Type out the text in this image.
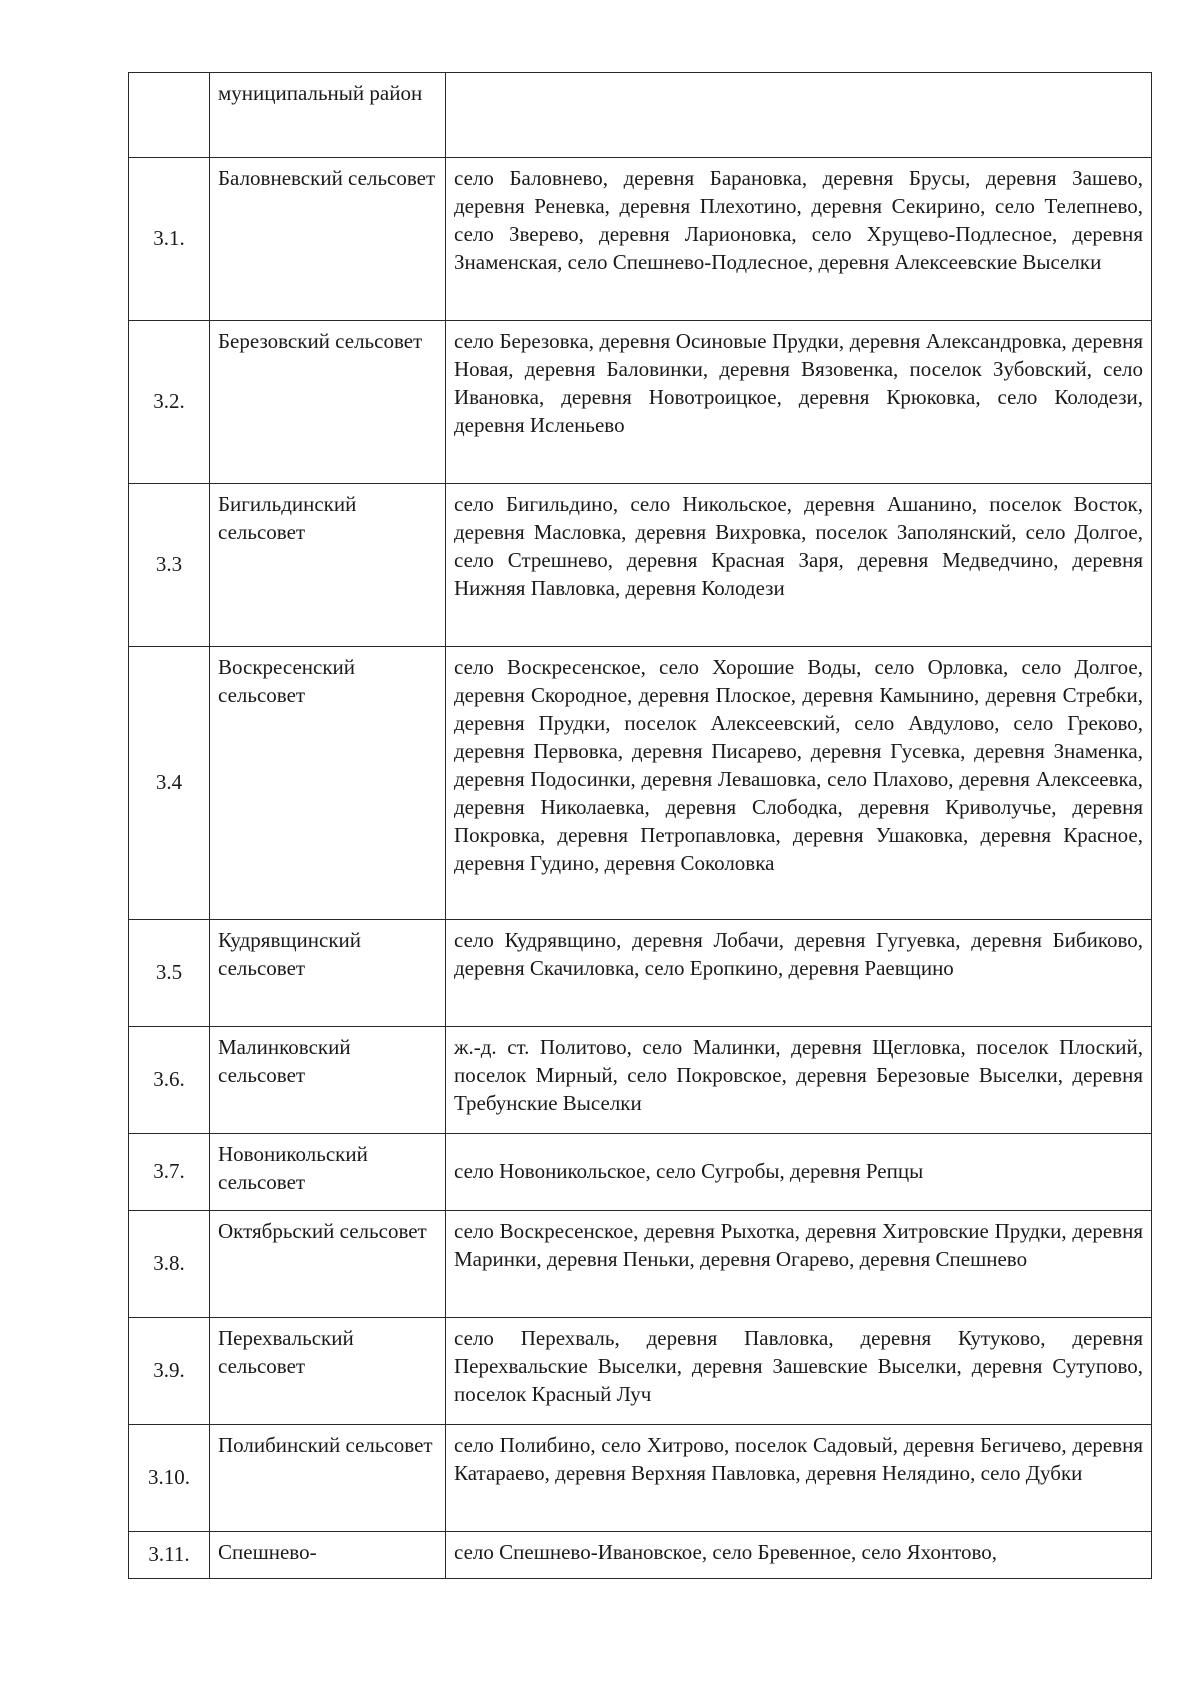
	муниципальный район	
3.1.	Баловневский сельсовет	село Баловнево, деревня Барановка, деревня Брусы, деревня Зашево, деревня Реневка, деревня Плехотино, деревня Секирино, село Телепнево, село Зверево, деревня Ларионовка, село Хрущево-Подлесное, деревня Знаменская, село Спешнево-Подлесное, деревня Алексеевские Выселки
3.2.	Березовский сельсовет	село Березовка, деревня Осиновые Прудки, деревня Александровка, деревня Новая, деревня Баловинки, деревня Вязовенка, поселок Зубовский, село Ивановка, деревня Новотроицкое, деревня Крюковка, село Колодези, деревня Исленьево
3.3	Бигильдинский сельсовет	село Бигильдино, село Никольское, деревня Ашанино, поселок Восток, деревня Масловка, деревня Вихровка, поселок Заполянский, село Долгое, село Стрешнево, деревня Красная Заря, деревня Медведчино, деревня Нижняя Павловка, деревня Колодези
3.4	Воскресенский сельсовет	село Воскресенское, село Хорошие Воды, село Орловка, село Долгое, деревня Скородное, деревня Плоское, деревня Камынино, деревня Стребки, деревня Прудки, поселок Алексеевский, село Авдулово, село Греково, деревня Первовка, деревня Писарево, деревня Гусевка, деревня Знаменка, деревня Подосинки, деревня Левашовка, село Плахово, деревня Алексеевка, деревня Николаевка, деревня Слободка, деревня Криволучье, деревня Покровка, деревня Петропавловка, деревня Ушаковка, деревня Красное, деревня Гудино, деревня Соколовка
3.5	Кудрявщинский сельсовет	село Кудрявщино, деревня Лобачи, деревня Гугуевка, деревня Бибиково, деревня Скачиловка, село Еропкино, деревня Раевщино
3.6.	Малинковский сельсовет	ж.-д. ст. Политово, село Малинки, деревня Щегловка, поселок Плоский, поселок Мирный, село Покровское, деревня Березовые Выселки, деревня Требунские Выселки
3.7.	Новоникольский сельсовет	село Новоникольское, село Сугробы, деревня Репцы
3.8.	Октябрьский сельсовет	село Воскресенское, деревня Рыхотка, деревня Хитровские Прудки, деревня Маринки, деревня Пеньки, деревня Огарево, деревня Спешнево
3.9.	Перехвальский сельсовет	село Перехваль, деревня Павловка, деревня Кутуково, деревня Перехвальские Выселки, деревня Зашевские Выселки, деревня Сутупово, поселок Красный Луч
3.10.	Полибинский сельсовет	село Полибино, село Хитрово, поселок Садовый, деревня Бегичево, деревня Катараево, деревня Верхняя Павловка, деревня Нелядино, село Дубки
3.11.	Спешнево-	село Спешнево-Ивановское, село Бревенное, село Яхонтово,
